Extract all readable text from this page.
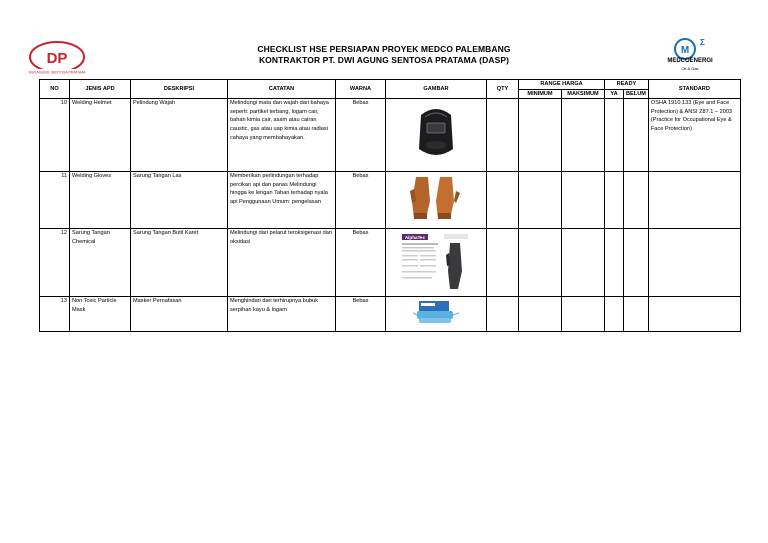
DP
DWI AGUNG SENTOSA PRATAMA
M
Σ
MEDCOENERGI
Oil & Gas
CHECKLIST HSE PERSIAPAN PROYEK MEDCO PALEMBANG
KONTRAKTOR PT. DWI AGUNG SENTOSA PRATAMA (DASP)
NO	JENIS APD	DESKRIPSI	CATATAN	WARNA	GAMBAR	QTY	RANGE HARGA		READY		STANDARD
							MINIMUM	MAKSIMUM	YA	BELUM	
10	Welding Helmet	Pelindung Wajah	Melindungi mata dan wajah dari bahaya seperti: partikel terbang, logam cair, bahan kimia cair, asam atau cairan caustic, gas atau uap kimia atau radiasi cahaya yang membahayakan.	Bebas							OSHA 1910.133 (Eye and Face Protection) & ANSI Z87.1 – 2003 (Practice for Occupational Eye & Face Protection)
11	Welding Gloves	Sarung Tangan Las	Memberikan perlindungan terhadap percikan api dan panas Melindungi hingga ke lengan Tahan terhadap nyala api Penggunaan Umum: pengelasan	Bebas							
12	Sarung Tangan Chemical	Sarung Tangan Butil Karet	Melindungi dari pelarut teroksigenasi dan oksidasi	Bebas	AlphaTec						

13	Non Toxic Particle Mask	Masker Pernafasan	Menghindari dari terhirupnya bubuk serpihan kayu & logam	Bebas							
